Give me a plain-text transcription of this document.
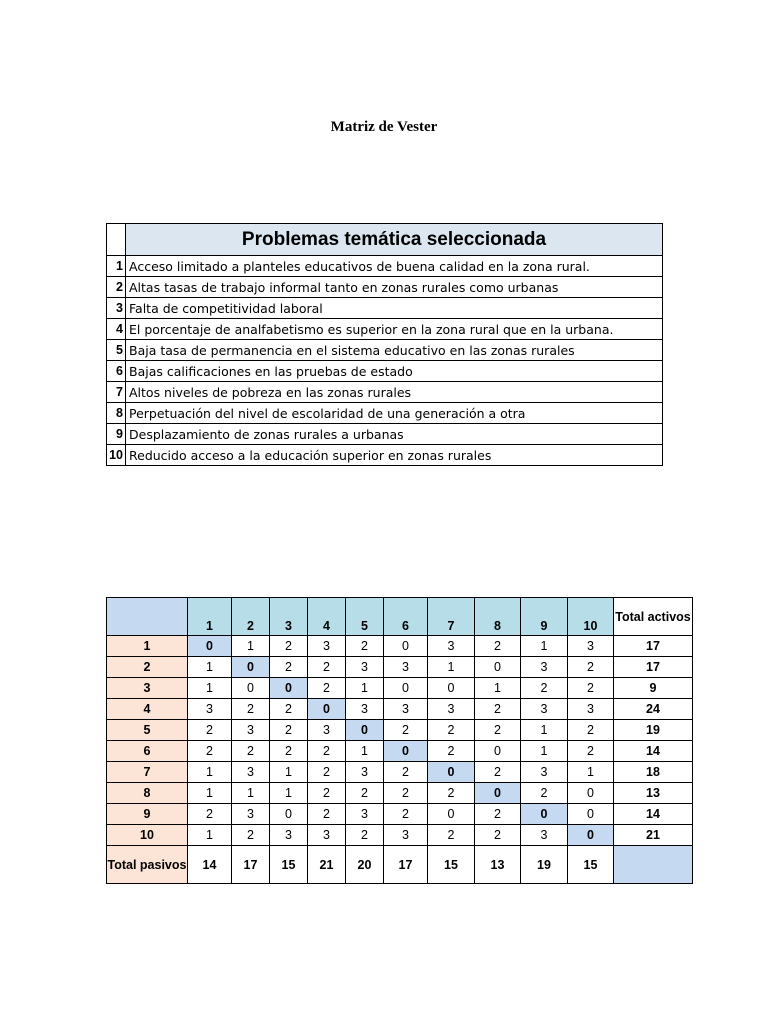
Matriz de Vester
	Problemas temática seleccionada
1	Acceso limitado a planteles educativos de buena calidad en la zona rural.
2	Altas tasas de trabajo informal tanto en zonas rurales como urbanas
3	Falta de competitividad laboral
4	El porcentaje de analfabetismo es superior en la zona rural que en la urbana.
5	Baja tasa de permanencia en el sistema educativo en las zonas rurales
6	Bajas calificaciones en las pruebas de estado
7	Altos niveles de pobreza en las zonas rurales
8	Perpetuación del nivel de escolaridad de una generación a otra
9	Desplazamiento de zonas rurales a urbanas
10	Reducido acceso a la educación superior en zonas rurales
	1	2	3	4	5	6	7	8	9	10	Total activos
1	0	1	2	3	2	0	3	2	1	3	17
2	1	0	2	2	3	3	1	0	3	2	17
3	1	0	0	2	1	0	0	1	2	2	9
4	3	2	2	0	3	3	3	2	3	3	24
5	2	3	2	3	0	2	2	2	1	2	19
6	2	2	2	2	1	0	2	0	1	2	14
7	1	3	1	2	3	2	0	2	3	1	18
8	1	1	1	2	2	2	2	0	2	0	13
9	2	3	0	2	3	2	0	2	0	0	14
10	1	2	3	3	2	3	2	2	3	0	21
Total pasivos	14	17	15	21	20	17	15	13	19	15	
